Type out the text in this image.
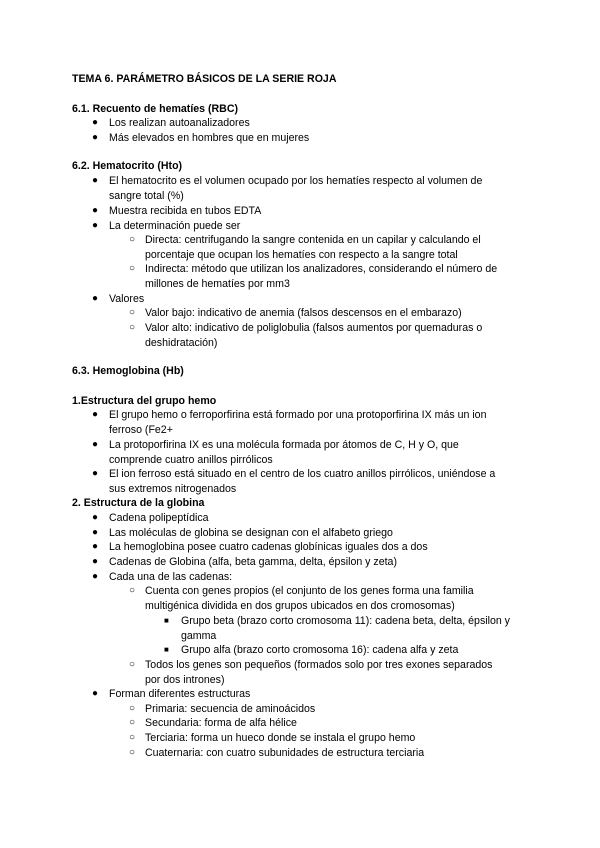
TEMA 6. PARÁMETRO BÁSICOS DE LA SERIE ROJA
6.1. Recuento de hematíes (RBC)
● Los realizan autoanalizadores
● Más elevados en hombres que en mujeres
6.2. Hematocrito (Hto)
● El hematocrito es el volumen ocupado por los hematíes respecto al volumen de
sangre total (%)
● Muestra recibida en tubos EDTA
● La determinación puede ser
○ Directa: centrifugando la sangre contenida en un capilar y calculando el
porcentaje que ocupan los hematíes con respecto a la sangre total
○ Indirecta: método que utilizan los analizadores, considerando el número de
millones de hematíes por mm3
● Valores
○ Valor bajo: indicativo de anemia (falsos descensos en el embarazo)
○ Valor alto: indicativo de poliglobulia (falsos aumentos por quemaduras o
deshidratación)
6.3. Hemoglobina (Hb)
1.Estructura del grupo hemo
● El grupo hemo o ferroporfirina está formado por una protoporfirina IX más un ion
ferroso (Fe2+
● La protoporfirina IX es una molécula formada por átomos de C, H y O, que
comprende cuatro anillos pirrólicos
● El ion ferroso está situado en el centro de los cuatro anillos pirrólicos, uniéndose a
sus extremos nitrogenados
2. Estructura de la globina
● Cadena polipeptídica
● Las moléculas de globina se designan con el alfabeto griego
● La hemoglobina posee cuatro cadenas globínicas iguales dos a dos
● Cadenas de Globina (alfa, beta gamma, delta, épsilon y zeta)
● Cada una de las cadenas:
○ Cuenta con genes propios (el conjunto de los genes forma una familia
multigénica dividida en dos grupos ubicados en dos cromosomas)
■ Grupo beta (brazo corto cromosoma 11): cadena beta, delta, épsilon y
gamma
■ Grupo alfa (brazo corto cromosoma 16): cadena alfa y zeta
○ Todos los genes son pequeños (formados solo por tres exones separados
por dos intrones)
● Forman diferentes estructuras
○ Primaria: secuencia de aminoácidos
○ Secundaria: forma de alfa hélice
○ Terciaria: forma un hueco donde se instala el grupo hemo
○ Cuaternaria: con cuatro subunidades de estructura terciaria
